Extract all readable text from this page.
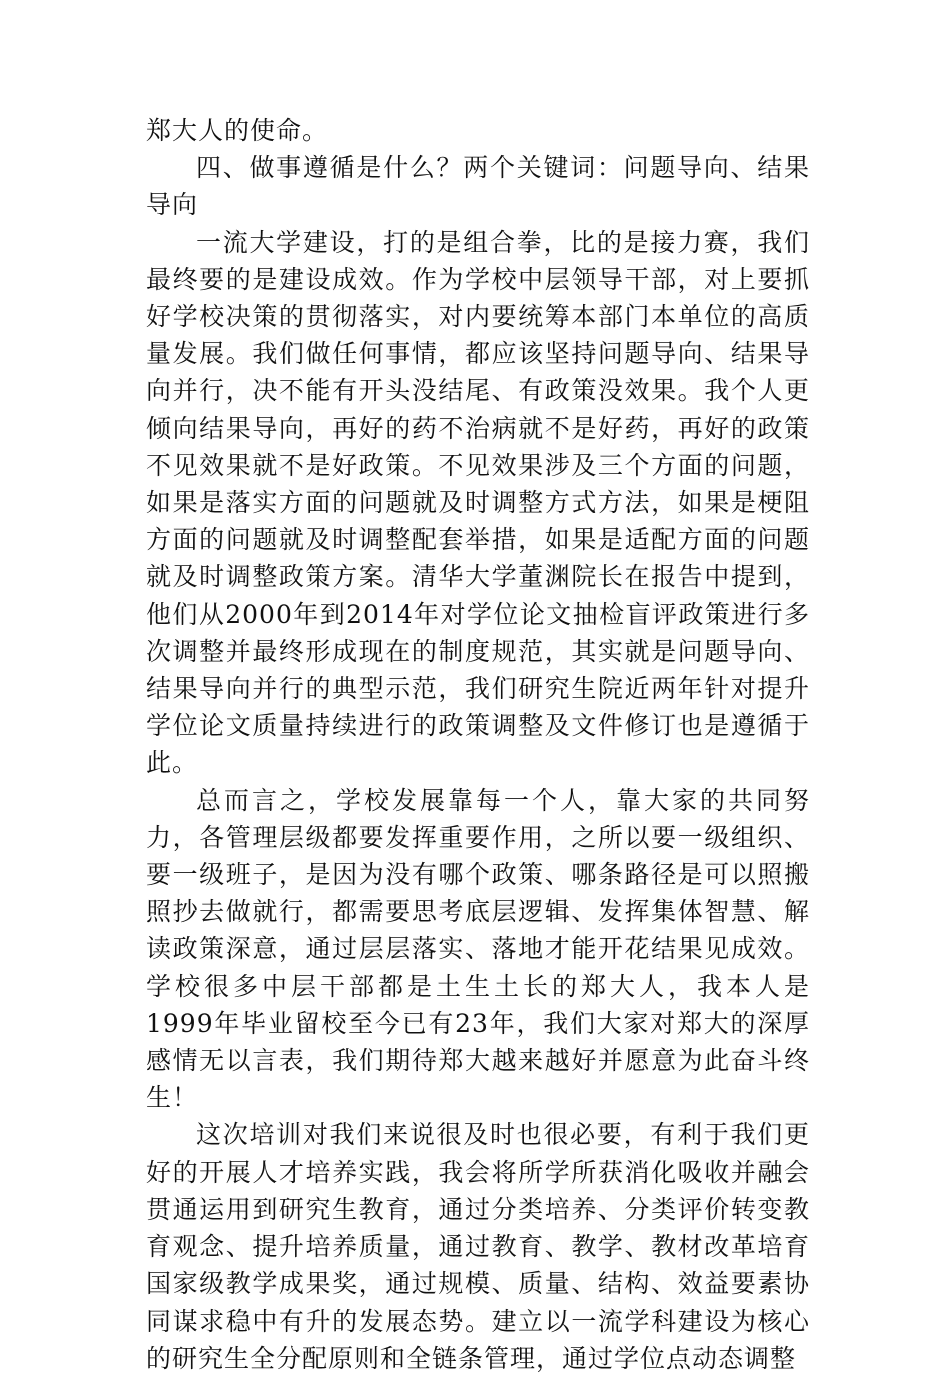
郑大人的使命。

四、做事遵循是什么？两个关键词：问题导向、结果导向

一流大学建设，打的是组合拳，比的是接力赛，我们最终要的是建设成效。作为学校中层领导干部，对上要抓好学校决策的贯彻落实，对内要统筹本部门本单位的高质量发展。我们做任何事情，都应该坚持问题导向、结果导向并行，决不能有开头没结尾、有政策没效果。我个人更倾向结果导向，再好的药不治病就不是好药，再好的政策不见效果就不是好政策。不见效果涉及三个方面的问题，如果是落实方面的问题就及时调整方式方法，如果是梗阻方面的问题就及时调整配套举措，如果是适配方面的问题就及时调整政策方案。清华大学董渊院长在报告中提到，他们从2000年到2014年对学位论文抽检盲评政策进行多次调整并最终形成现在的制度规范，其实就是问题导向、结果导向并行的典型示范，我们研究生院近两年针对提升学位论文质量持续进行的政策调整及文件修订也是遵循于此。

总而言之，学校发展靠每一个人，靠大家的共同努力，各管理层级都要发挥重要作用，之所以要一级组织、要一级班子，是因为没有哪个政策、哪条路径是可以照搬照抄去做就行，都需要思考底层逻辑、发挥集体智慧、解读政策深意，通过层层落实、落地才能开花结果见成效。学校很多中层干部都是土生土长的郑大人，我本人是1999年毕业留校至今已有23年，我们大家对郑大的深厚感情无以言表，我们期待郑大越来越好并愿意为此奋斗终生！

这次培训对我们来说很及时也很必要，有利于我们更好的开展人才培养实践，我会将所学所获消化吸收并融会贯通运用到研究生教育，通过分类培养、分类评价转变教育观念、提升培养质量，通过教育、教学、教材改革培育国家级教学成果奖，通过规模、质量、结构、效益要素协同谋求稳中有升的发展态势。建立以一流学科建设为核心的研究生全分配原则和全链条管理，通过学位点动态调整
